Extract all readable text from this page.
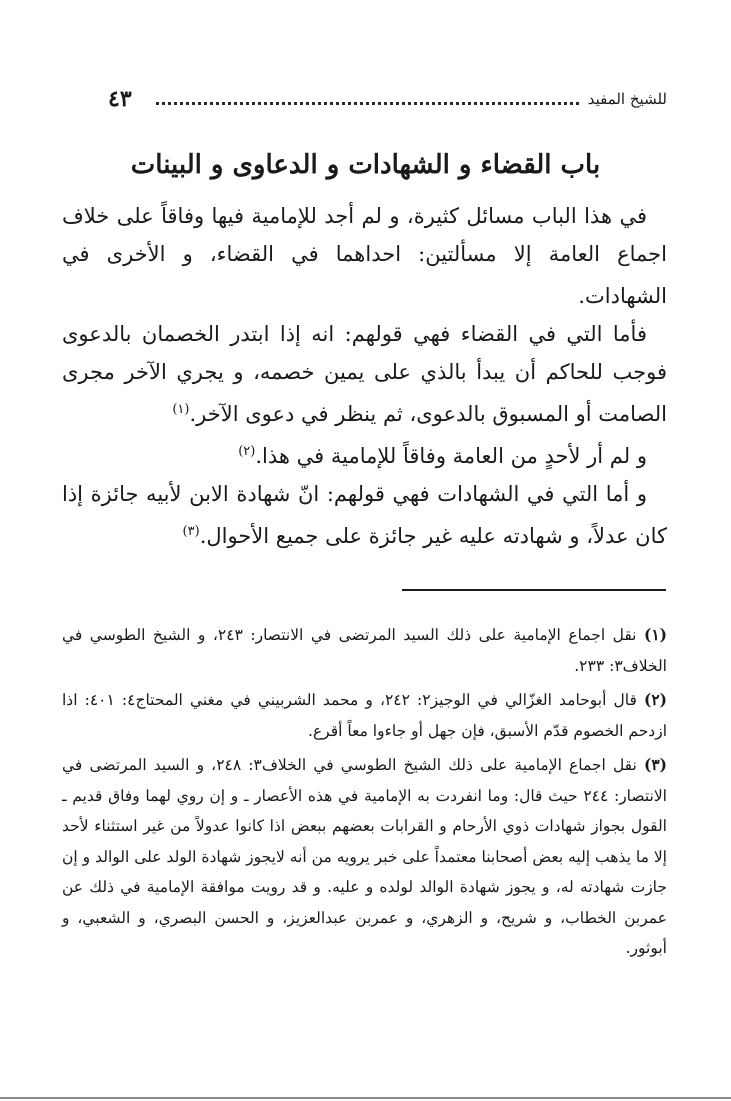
للشيخ المفيد
٤٣
باب القضاء و الشهادات و الدعاوى و البينات

في هذا الباب مسائل كثيرة، و لم أجد للإمامية فيها وفاقاً على خلاف اجماع العامة إلا مسألتين: احداهما في القضاء، و الأخرى في الشهادات.

فأما التي في القضاء فهي قولهم: انه إذا ابتدر الخصمان بالدعوى فوجب للحاكم أن يبدأ بالذي على يمين خصمه، و يجري الآخر مجرى الصامت أو المسبوق بالدعوى، ثم ينظر في دعوى الآخر.$^{(١)}$

و لم أر لأحدٍ من العامة وفاقاً للإمامية في هذا.$^{(٢)}$

و أما التي في الشهادات فهي قولهم: انّ شهادة الابن لأبيه جائزة إذا كان عدلاً، و شهادته عليه غير جائزة على جميع الأحوال.$^{(٣)}$

(١) نقل اجماع الإمامية على ذلك السيد المرتضى في الانتصار: ٢٤٣، و الشيخ الطوسي في الخلاف٣: ٢٣٣.

(٢) قال أبوحامد الغزّالي في الوجيز٢: ٢٤٢، و محمد الشربيني في مغني المحتاج٤: ٤٠١: اذا ازدحم الخصوم قدّم الأسبق، فإن جهل أو جاءوا معاً أقرع.

(٣) نقل اجماع الإمامية على ذلك الشيخ الطوسي في الخلاف٣: ٢٤٨، و السيد المرتضى في الانتصار: ٢٤٤ حيث قال: وما انفردت به الإمامية في هذه الأعصار ـ و إن روي لهما وفاق قديم ـ القول بجواز شهادات ذوي الأرحام و القرابات بعضهم ببعض اذا كانوا عدولاً من غير استثناء لأحد إلا ما يذهب إليه بعض أصحابنا معتمداً على خبر يرويه من أنه لايجوز شهادة الولد على الوالد و إن جازت شهادته له، و يجوز شهادة الوالد لولده و عليه. و قد رويت موافقة الإمامية في ذلك عن عمربن الخطاب، و شريح، و الزهري، و عمربن عبدالعزيز، و الحسن البصري، و الشعبي، و أبوثور.
